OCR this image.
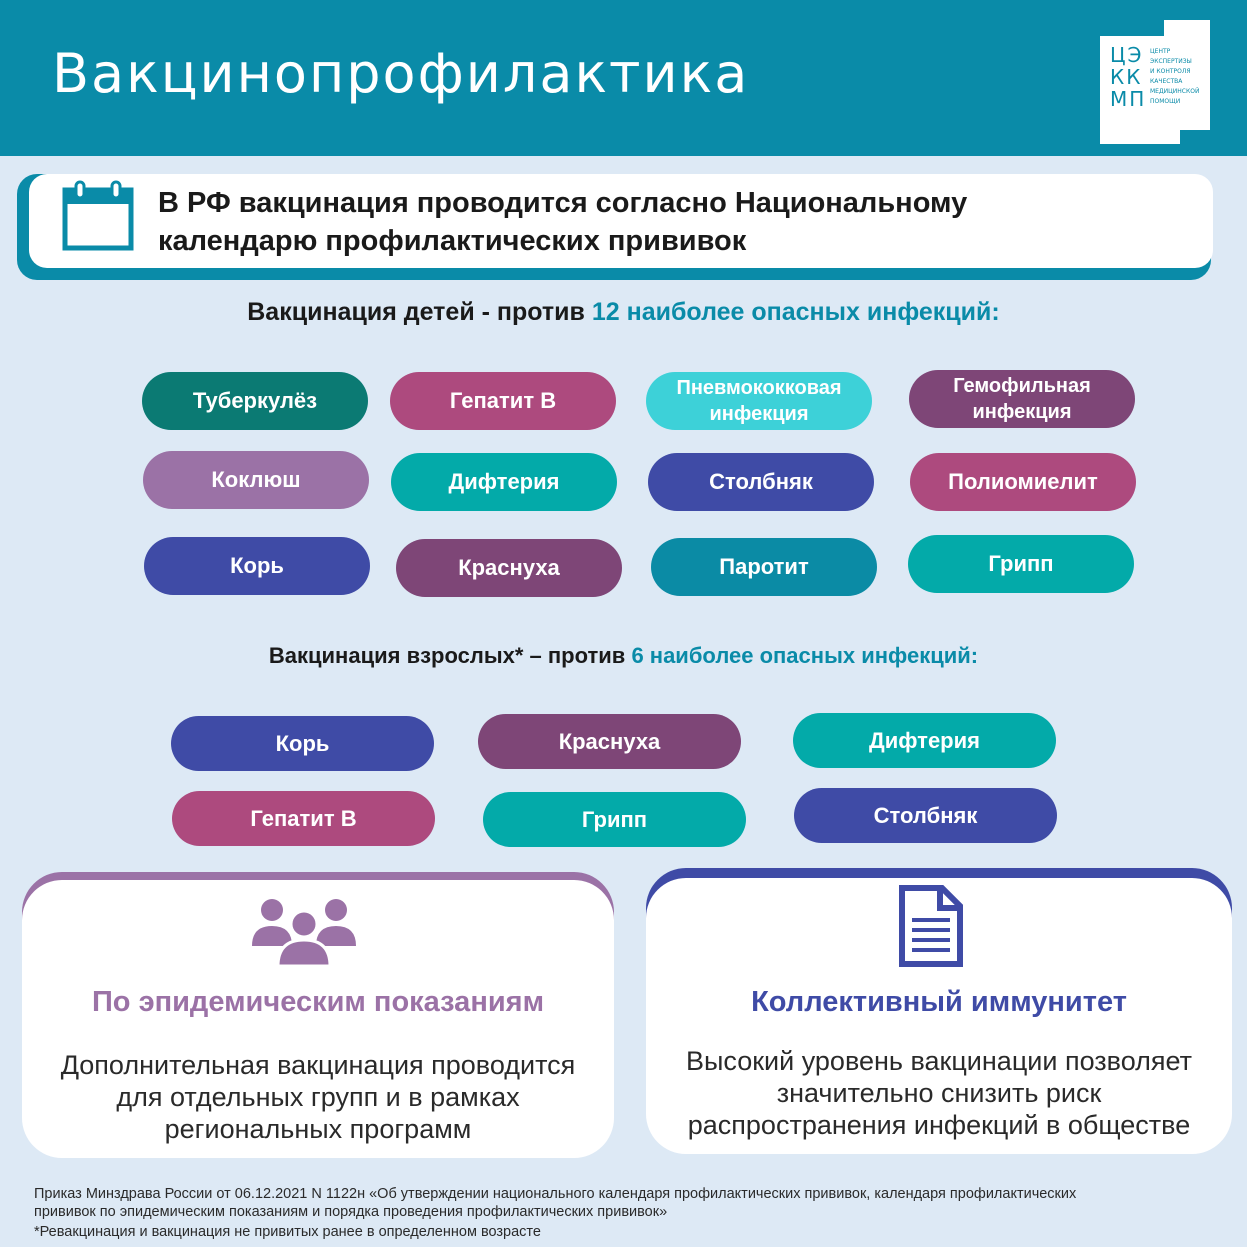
Вакцинопрофилактика	ЦЭ
КК
МП
ЦЕНТР
ЭКСПЕРТИЗЫ
И КОНТРОЛЯ
КАЧЕСТВА
МЕДИЦИНСКОЙ
ПОМОЩИ
В РФ вакцинация проводится согласно Национальному
календарю профилактических прививок
Вакцинация детей - против 12 наиболее опасных инфекций:
Туберкулёз	Гепатит В	Пневмококковая инфекция
Гемофильная инфекция
Коклюш	Дифтерия	Столбняк	Полиомиелит
Корь	Краснуха	Паротит	Грипп
Вакцинация взрослых* – против 6 наиболее опасных инфекций:
Корь	Краснуха	Дифтерия
Гепатит В	Грипп	Столбняк
По эпидемическим показаниям
Дополнительная вакцинация проводится
для отдельных групп и в рамках
региональных программ
Коллективный иммунитет
Высокий уровень вакцинации позволяет
значительно снизить риск
распространения инфекций в обществе
Приказ Минздрава России от 06.12.2021 N 1122н «Об утверждении национального календаря профилактических прививок, календаря профилактических
прививок по эпидемическим показаниям и порядка проведения профилактических прививок»
*Ревакцинация и вакцинация не привитых ранее в определенном возрасте
